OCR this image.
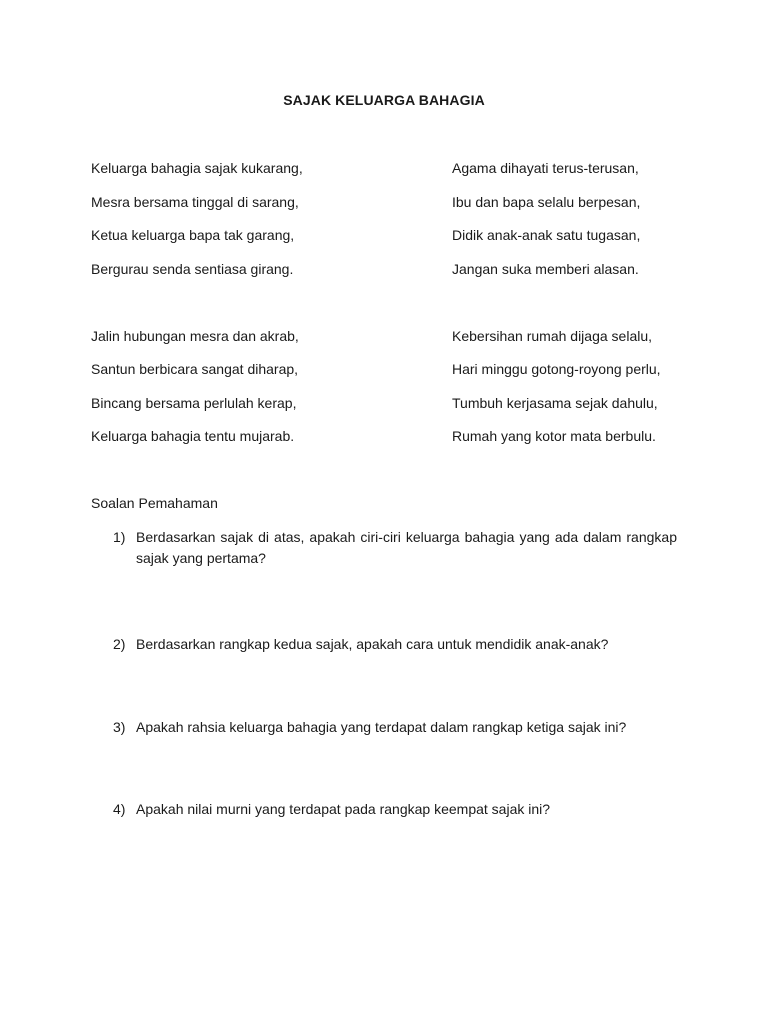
SAJAK KELUARGA BAHAGIA
Keluarga bahagia sajak kukarang,
Mesra bersama tinggal di sarang,
Ketua keluarga bapa tak garang,
Bergurau senda sentiasa girang.
Agama dihayati terus-terusan,
Ibu dan bapa selalu berpesan,
Didik anak-anak satu tugasan,
Jangan suka memberi alasan.
Jalin hubungan mesra dan akrab,
Santun berbicara sangat diharap,
Bincang bersama perlulah kerap,
Keluarga bahagia tentu mujarab.
Kebersihan rumah dijaga selalu,
Hari minggu gotong-royong perlu,
Tumbuh kerjasama sejak dahulu,
Rumah yang kotor mata berbulu.
Soalan Pemahaman
1) Berdasarkan sajak di atas, apakah ciri-ciri keluarga bahagia yang ada dalam rangkap sajak yang pertama?
2) Berdasarkan rangkap kedua sajak, apakah cara untuk mendidik anak-anak?
3) Apakah rahsia keluarga bahagia yang terdapat dalam rangkap ketiga sajak ini?
4) Apakah nilai murni yang terdapat pada rangkap keempat sajak ini?
